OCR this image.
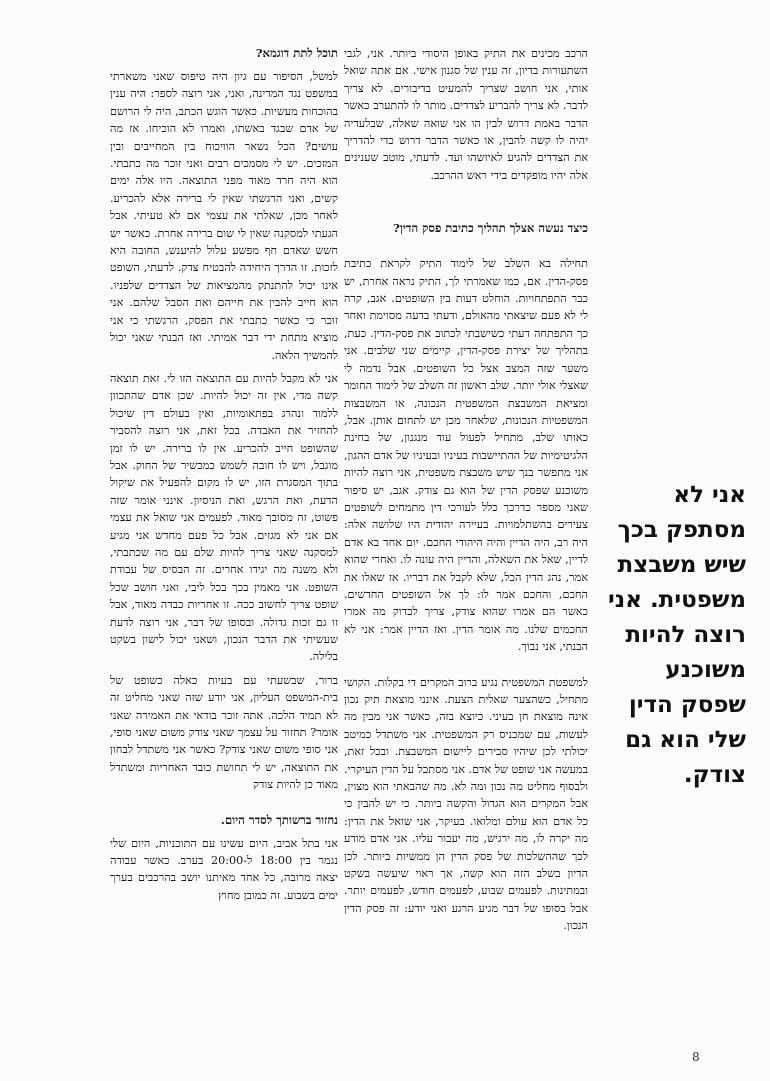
הרכב מכינים את התיק באופן היסודי ביותר. אני, לגבי השתעורות בדיון, זה ענין של סגנון אישי. אם אתה שואל אותי, אני חושב שצריך להמעיט בדיבורים. לא צריך לדבר. לא צריך להבריע לצדדים. מותר לו להתערב כאשר הדבר באמת דרוש לבין הו אני שואה שאלה, שבלעדיה יהיה לו קשה להבין, או כאשר הדבר דרוש כדי להדריך את הצדדים להגיע לאיזשהו ועד. לדעתי, מוטב שענינים אלה יהיו מופקדים בידי ראש ההרכב.

כיצד נעשה אצלך תהליך כתיבת פסק הדין?

תחילה בא השלב של לימוד התיק לקראת כתיבת פסק-הדין. אם, כמו שאמרתי לך, התיק נראה אחרת, יש כבר התפתחויות. הוחלט דעות בין השופטים. אגב, קרה לי לא פעם שיצאתי מהאולם, ודעתי בדעה מסוימת ואחר כך התפתחה דעתי כשישבתי לכתוב את פסק-הדין. כעת, בתהליך של יצירת פסק-הדין, קיימים שני שלבים. אני משער שזה המצב אצל כל השופטים. אבל נדמה לי שאצלי אולי יותר. שלב ראשון זה השלב של לימוד החומר ומציאת המשבצת המשפטית הנכונה, או המשבצות המשפטיות הנכונות, שלאחר מכן יש לתחום אותן. אבל, כאותו שלב, מתחיל לפעול עוד מנגנון, של בחינת הלגיטימיות של ההתיישבות בעיניו ובעיניו של אדם ההגון, אני מתפשר בנך שיש משבצת משפטית, אני רוצה להיות משוכנע שפסק הדין של הוא גם צודק. אגב, יש סיפור שאני מספר כדרכך כלל לעורכי דין מתמחים לשופטים צעירים בהשתלמויות. בעיירה יהודית היו שלושה אלה: היה רב, היה הדיין והיה היהודי החכם. יום אחד בא אדם לדיין, שאל את השאלה, והדיין היה עונה לו. ואחרי שהוא אמר, נהג הדין הכל, שלא לקבל את דבריו. אז שאלו את החכם, והחכם אמר לו: לך אל השופטים החדשים. כאשר הם אמרו שהוא צודק, צריך לבדוק מה אמרו החכמים שלנו. מה אומר הדין. ואז הדיין אמר: אני לא הבנתי, אני נבוך.

למשפטת המשפטית נגיע ברוב המקרים די בקלות. הקושי מתחיל, כשהצער שאלית הצעת. אינני מוצאת תיק נכון אינה מוצאת חן בעיני. כיוצא בזה, כאשר אני מבין מה לעשות, עם שמכניס רק המשפטית. אני משתדל כמיטב יכולתי לכן שיהיו סבירים ליישום המשבצת. ובכל זאת, במעשה אני שופט של אדם. אני מסתכל על הדין העיקרי. ולבסוף מחליט מה נכון ומה לא. מה שהבאתי הוא מצוין, אבל המקרים הוא הגדול והקשה ביותר. כי יש להבין כי כל אדם הוא עולם ומלואו. בעיקר, אני שואל את הדין: מה יקרה לו, מה ירגיש, מה יעבור עליו. אני אדם מודע לכך שההשלכות של פסק הדין הן ממשיות ביותר. לכן הדיון בשלב הזה הוא קשה, אך ראוי שיעשה בשקט ובמתינות. לפעמים שבוע, לפעמים חודש, לפעמים יותר. אבל בסופו של דבר מגיע הרגע ואני יודע: זה פסק הדין הנכון.

תוכל לתת דוגמא?

למשל, הסיפור עם גיון היה טיפוס שאני משארתי במשפט נגד המדינה, ואני, אני רוצה לספר: היה ענין בהוכחות מעשיות. כאשר הוגש הכתב, היה לי הרושם של אדם שבגד באשתו, ואמרו לא הוכיחו. אז מה עושים? הכל נשאר הוויכוח בין המחייבים ובין המזכים. יש לי מסמכים רבים ואני זוכר מה כתבתי. הוא היה חרד מאוד מפני התוצאה. היו אלה ימים קשים, ואני הרגשתי שאין לי ברירה אלא להכריע. לאחר מכן, שאלתי את עצמי אם לא טעיתי. אבל הגעתי למסקנה שאין לי שום ברירה אחרת. כאשר יש חשש שאדם חף מפשע עלול להיענש, החובה היא לזכות. זו הדרך היחידה להבטיח צדק. לדעתי, השופט אינו יכול להתנתק מהמציאות של הצדדים שלפניו. הוא חייב להבין את חייהם ואת הסבל שלהם. אני זוכר כי כאשר כתבתי את הפסק, הרגשתי כי אני מוציא מתחת ידי דבר אמיתי. ואז הבנתי שאני יכול להמשיך הלאה.

אני לא מקבל להיות עם התוצאה הזו לי. זאת תוצאה קשה מדי, אין זה יכול להיות. שכן אדם שהתכוון ללמוד ונהרג בפתאומיות, ואין בעולם דין שיכול להחזיר את האבדה. בכל זאת, אני רוצה להסביר שהשופט חייב להכריע. אין לו ברירה. יש לו זמן מוגבל, ויש לו חובה לשמש כמכשיר של החוק. אבל בתוך המסגרת הזו, יש לו מקום להפעיל את שיקול הדעת, ואת הרגש, ואת הניסיון. אינני אומר שזה פשוט, זה מסובך מאוד. לפעמים אני שואל את עצמי אם אני לא מגזים. אבל כל פעם מחדש אני מגיע למסקנה שאני צריך להיות שלם עם מה שכתבתי, ולא משנה מה יגידו אחרים. זה הבסיס של עבודת השופט. אני מאמין בכך בכל ליבי, ואני חושב שכל שופט צריך לחשוב ככה. זו אחריות כבדה מאוד, אבל זו גם זכות גדולה. ובסופו של דבר, אני רוצה לדעת שעשיתי את הדבר הנכון, ושאני יכול לישון בשקט בלילה.

ברור, שבשעתי עם בעיות כאלה כשופט של בית-המשפט העליון, אני יודע שזה שאני מחליט זה לא תמיד הלכה. אתה זוכר בודאי את האמירה שאני אומר? תחזור על עצמך שאני צודק משום שאני סופי, אני סופי משום שאני צודק? כאשר אני משתדל לבחון את התוצאה, יש לי תחושת כובד האחריות ומשתדל מאוד כן להיות צודק

נחזור ברשותך לסדר היום.

אני בתל אביב, היום עשינו עם התוכניות, היום שלי נגמר בין 18:00 ל-20:00 בערב. כאשר עבודה יצאה מרובה, כל אחד מאיתנו יושב בהרכבים בערך ימים בשבוע. זה כמובן מחוץ

אני לא מסתפק בכך שיש משבצת משפטית. אני רוצה להיות משוכנע שפסק הדין שלי הוא גם צודק.
8
